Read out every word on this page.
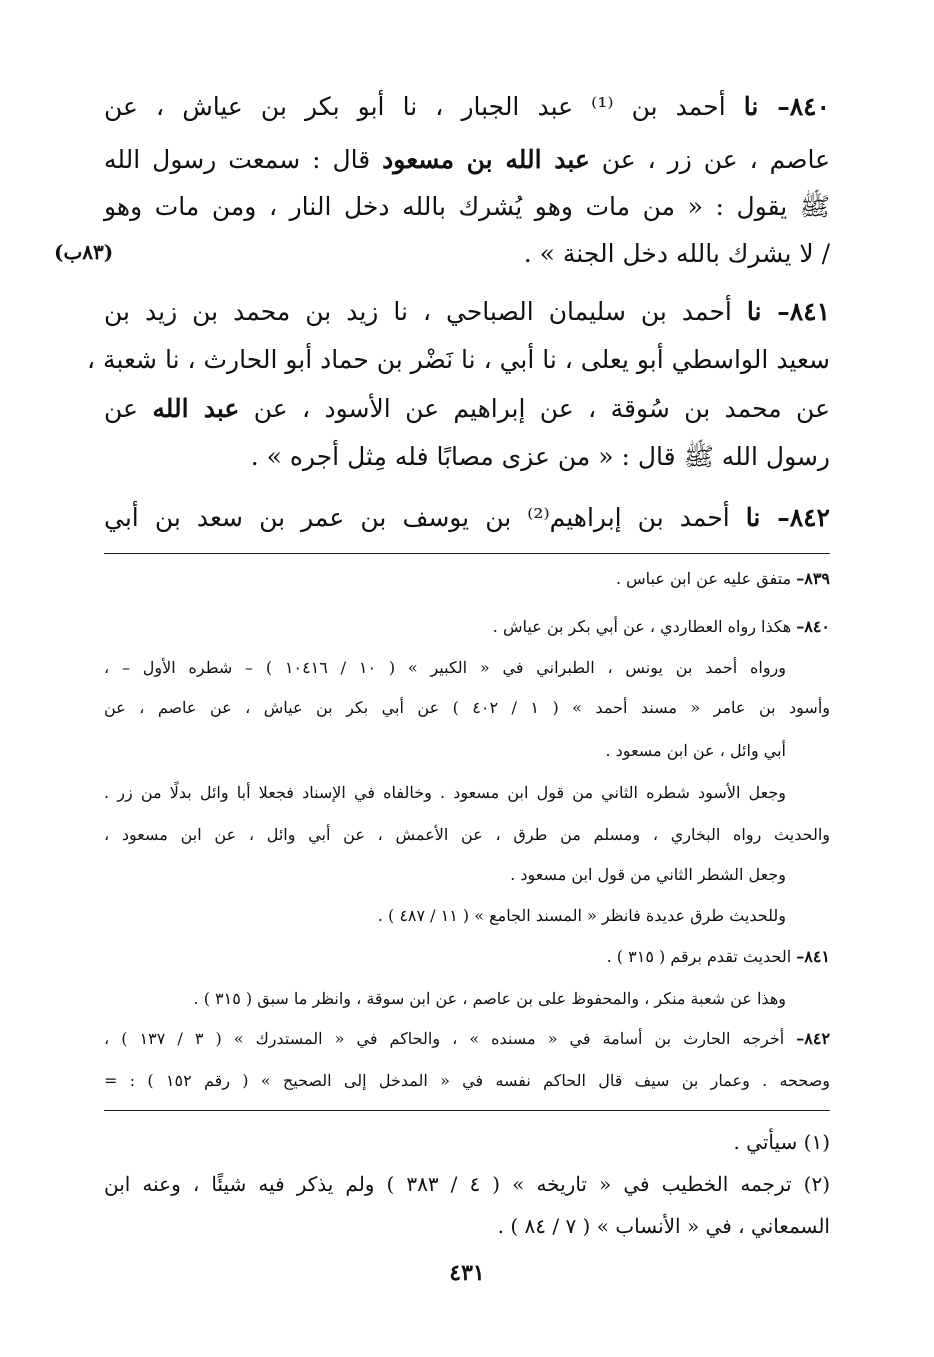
٨٤٠– نا أحمد بن ⁽¹⁾ عبد الجبار ، نا أبو بكر بن عياش ، عن

عاصم ، عن زر ، عن عبد الله بن مسعود قال : سمعت رسول الله

ﷺ يقول : « من مات وهو يُشرك بالله دخل النار ، ومن مات وهو

/ لا يشرك بالله دخل الجنة » .

(٨٣ب)

٨٤١– نا أحمد بن سليمان الصباحي ، نا زيد بن محمد بن زيد بن

سعيد الواسطي أبو يعلى ، نا أبي ، نا نَضْر بن حماد أبو الحارث ، نا شعبة ،

عن محمد بن سُوقة ، عن إبراهيم عن الأسود ، عن عبد الله عن

رسول الله ﷺ قال : « من عزى مصابًا فله مِثل أجره » .

٨٤٢– نا أحمد بن إبراهيم⁽²⁾ بن يوسف بن عمر بن سعد بن أبي

٨٣٩– متفق عليه عن ابن عباس .

٨٤٠– هكذا رواه العطاردي ، عن أبي بكر بن عياش .

ورواه أحمد بن يونس ، الطبراني في « الكبير » ( ١٠ / ١٠٤١٦ ) – شطره الأول – ،

وأسود بن عامر « مسند أحمد » ( ١ / ٤٠٢ ) عن أبي بكر بن عياش ، عن عاصم ، عن

أبي وائل ، عن ابن مسعود .

وجعل الأسود شطره الثاني من قول ابن مسعود . وخالفاه في الإسناد فجعلا أبا وائل بدلًا من زر .

والحديث رواه البخاري ، ومسلم من طرق ، عن الأعمش ، عن أبي وائل ، عن ابن مسعود ،

وجعل الشطر الثاني من قول ابن مسعود .

وللحديث طرق عديدة فانظر « المسند الجامع » ( ١١ / ٤٨٧ ) .

٨٤١– الحديث تقدم برقم ( ٣١٥ ) .

وهذا عن شعبة منكر ، والمحفوظ على بن عاصم ، عن ابن سوقة ، وانظر ما سبق ( ٣١٥ ) .

٨٤٢– أخرجه الحارث بن أسامة في « مسنده » ، والحاكم في « المستدرك » ( ٣ / ١٣٧ ) ،

وصححه . وعمار بن سيف قال الحاكم نفسه في « المدخل إلى الصحيح » ( رقم ١٥٢ ) : =

(١) سيأتي .

(٢) ترجمه الخطيب في « تاريخه » ( ٤ / ٣٨٣ ) ولم يذكر فيه شيئًا ، وعنه ابن

السمعاني ، في « الأنساب » ( ٧ / ٨٤ ) .

٤٣١
